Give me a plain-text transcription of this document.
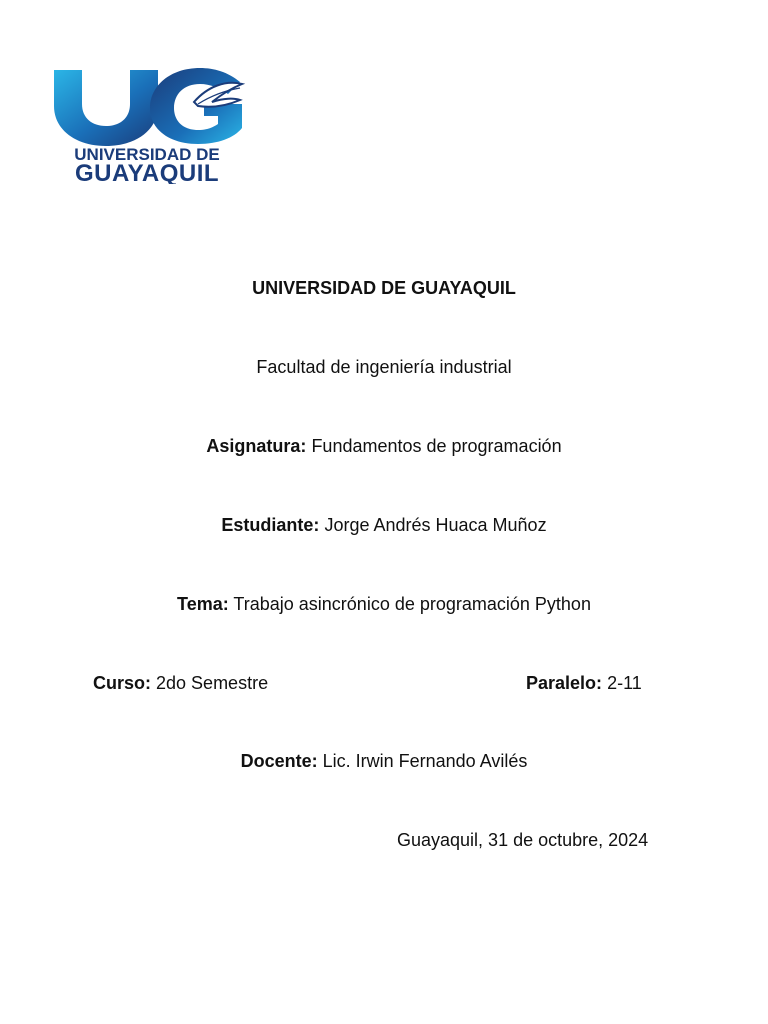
UNIVERSIDAD DE
GUAYAQUIL
UNIVERSIDAD DE GUAYAQUIL
Facultad de ingeniería industrial
Asignatura: Fundamentos de programación
Estudiante: Jorge Andrés Huaca Muñoz
Tema: Trabajo asincrónico de programación Python
Curso: 2do Semestre	Paralelo: 2-11
Docente: Lic. Irwin Fernando Avilés
Guayaquil, 31 de octubre, 2024
